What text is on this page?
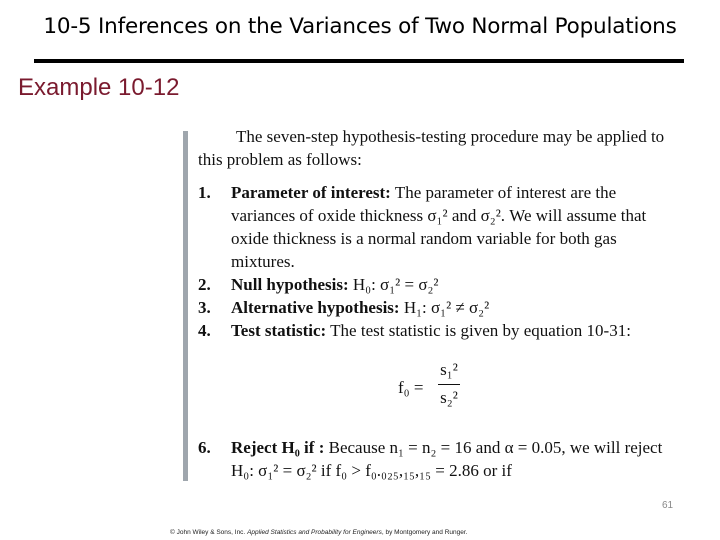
10-5 Inferences on the Variances of Two Normal Populations
Example 10-12

The seven-step hypothesis-testing procedure may be applied to this problem as follows:

1. Parameter of interest: The parameter of interest are the variances of oxide thickness σ₁² and σ₂². We will assume that oxide thickness is a normal random variable for both gas mixtures.
2. Null hypothesis: H₀: σ₁² = σ₂²
3. Alternative hypothesis: H₁: σ₁² ≠ σ₂²
4. Test statistic: The test statistic is given by equation 10-31:
f₀ =
s₁²
s₂²
6. Reject H₀ if : Because n₁ = n₂ = 16 and α = 0.05, we will reject H₀: σ₁² = σ₂² if f₀ > f₀.₀₂₅,₁₅,₁₅ = 2.86 or if
61
© John Wiley & Sons, Inc. Applied Statistics and Probability for Engineers, by Montgomery and Runger.
